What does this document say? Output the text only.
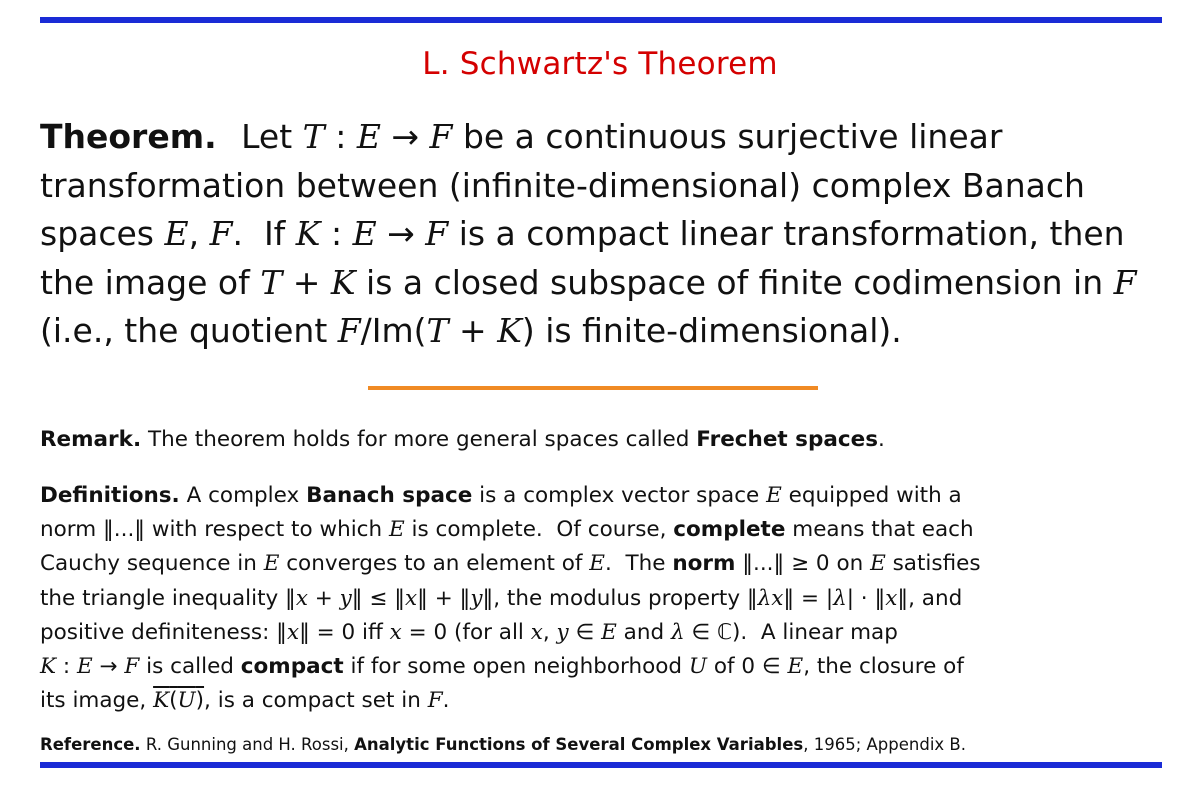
L. Schwartz's Theorem
Theorem. Let T : E → F be a continuous surjective linear
transformation between (infinite-dimensional) complex Banach
spaces E, F.  If K : E → F is a compact linear transformation, then
the image of T + K is a closed subspace of finite codimension in F
(i.e., the quotient F/Im(T + K) is finite-dimensional).
Remark. The theorem holds for more general spaces called Frechet spaces.
Definitions. A complex Banach space is a complex vector space E equipped with a
norm ‖...‖ with respect to which E is complete.  Of course, complete means that each
Cauchy sequence in E converges to an element of E.  The norm ‖...‖ ≥ 0 on E satisfies
the triangle inequality ‖x + y‖ ≤ ‖x‖ + ‖y‖, the modulus property ‖λx‖ = |λ| · ‖x‖, and
positive definiteness: ‖x‖ = 0 iff x = 0 (for all x, y ∈ E and λ ∈ ℂ).  A linear map
K : E → F is called compact if for some open neighborhood U of 0 ∈ E, the closure of
its image, K(U), is a compact set in F.
Reference. R. Gunning and H. Rossi, Analytic Functions of Several Complex Variables, 1965; Appendix B.
